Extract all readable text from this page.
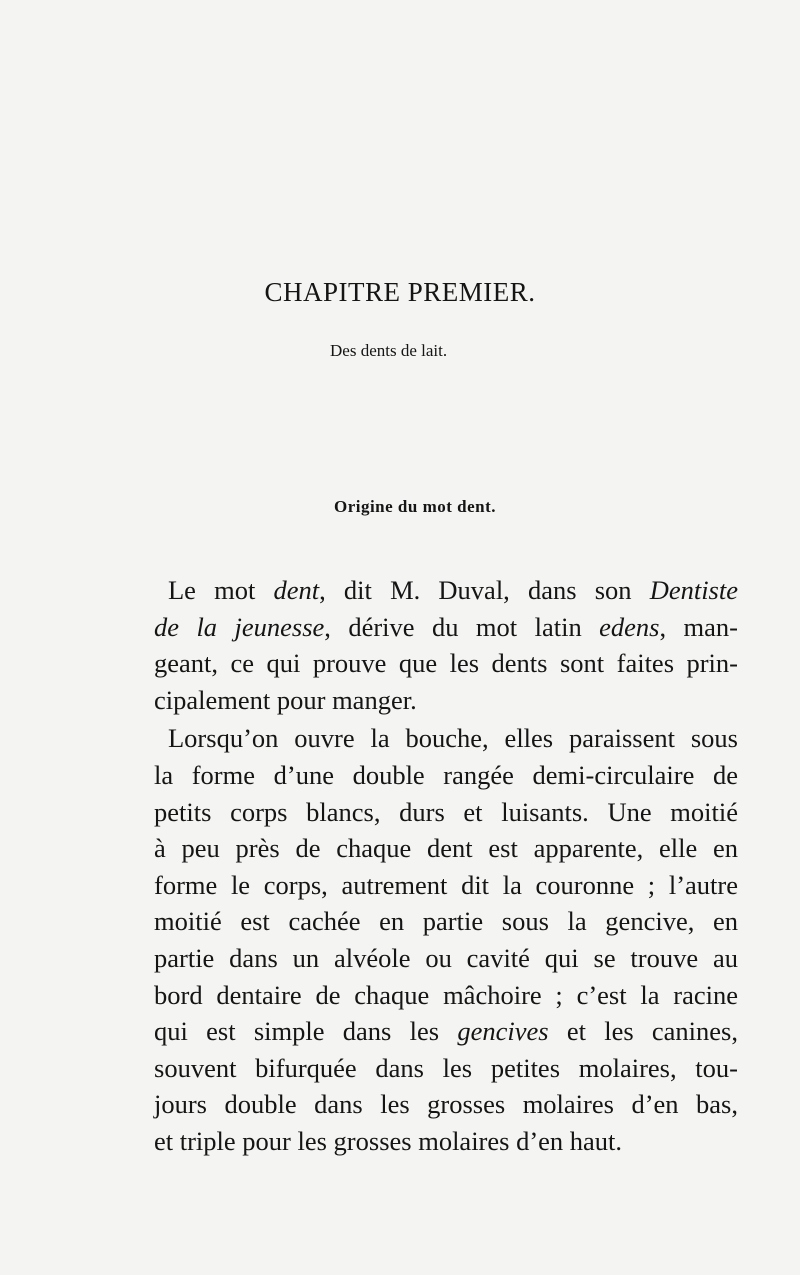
CHAPITRE PREMIER.
Des dents de lait.
Origine du mot dent.

Le mot dent, dit M. Duval, dans son Dentiste
de la jeunesse, dérive du mot latin edens, man-
geant, ce qui prouve que les dents sont faites prin-
cipalement pour manger.

Lorsqu’on ouvre la bouche, elles paraissent sous
la forme d’une double rangée demi-circulaire de
petits corps blancs, durs et luisants. Une moitié
à peu près de chaque dent est apparente, elle en
forme le corps, autrement dit la couronne ; l’autre
moitié est cachée en partie sous la gencive, en
partie dans un alvéole ou cavité qui se trouve au
bord dentaire de chaque mâchoire ; c’est la racine
qui est simple dans les gencives et les canines,
souvent bifurquée dans les petites molaires, tou-
jours double dans les grosses molaires d’en bas,
et triple pour les grosses molaires d’en haut.
